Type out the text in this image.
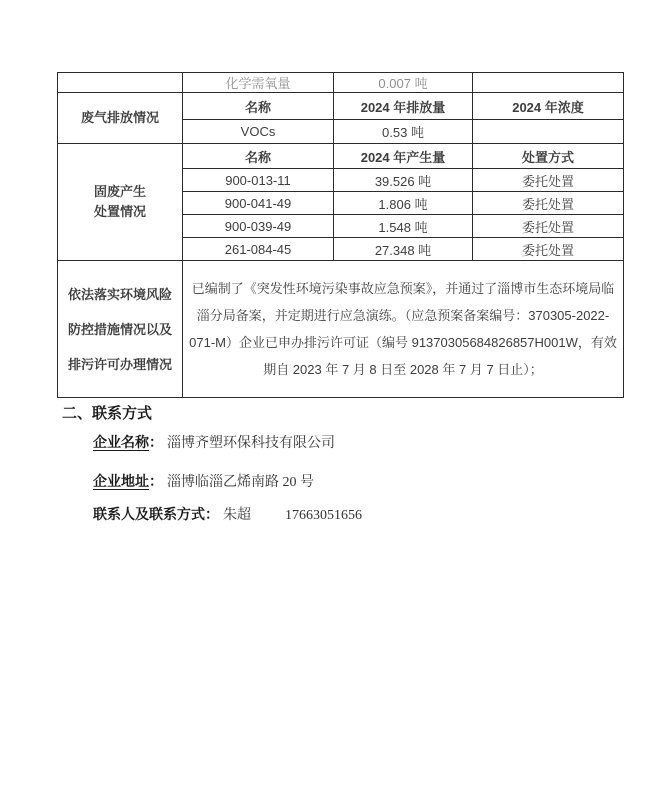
	化学需氧量	0.007 吨	
废气排放情况	名称	2024 年排放量	2024 年浓度
	VOCs	0.53 吨	

固废产生
处置情况	名称	2024 年产生量	处置方式
	900-013-11	39.526 吨	委托处置
	900-041-49	1.806 吨	委托处置
	900-039-49	1.548 吨	委托处置
	261-084-45	27.348 吨	委托处置

依法落实环境风险
防控措施情况以及
排污许可办理情况	已编制了《突发性环境污染事故应急预案》，并通过了淄博市生态环境局临淄分局备案，并定期进行应急演练。（应急预案备案编号：370305-2022-071-M）企业已申办排污许可证（编号 91370305684826857H001W，有效期自 2023 年 7 月 8 日至 2028 年 7 月 7 日止）；		
二、联系方式
企业名称： 淄博齐塑环保科技有限公司
企业地址： 淄博临淄乙烯南路 20 号
联系人及联系方式： 朱超 17663051656
